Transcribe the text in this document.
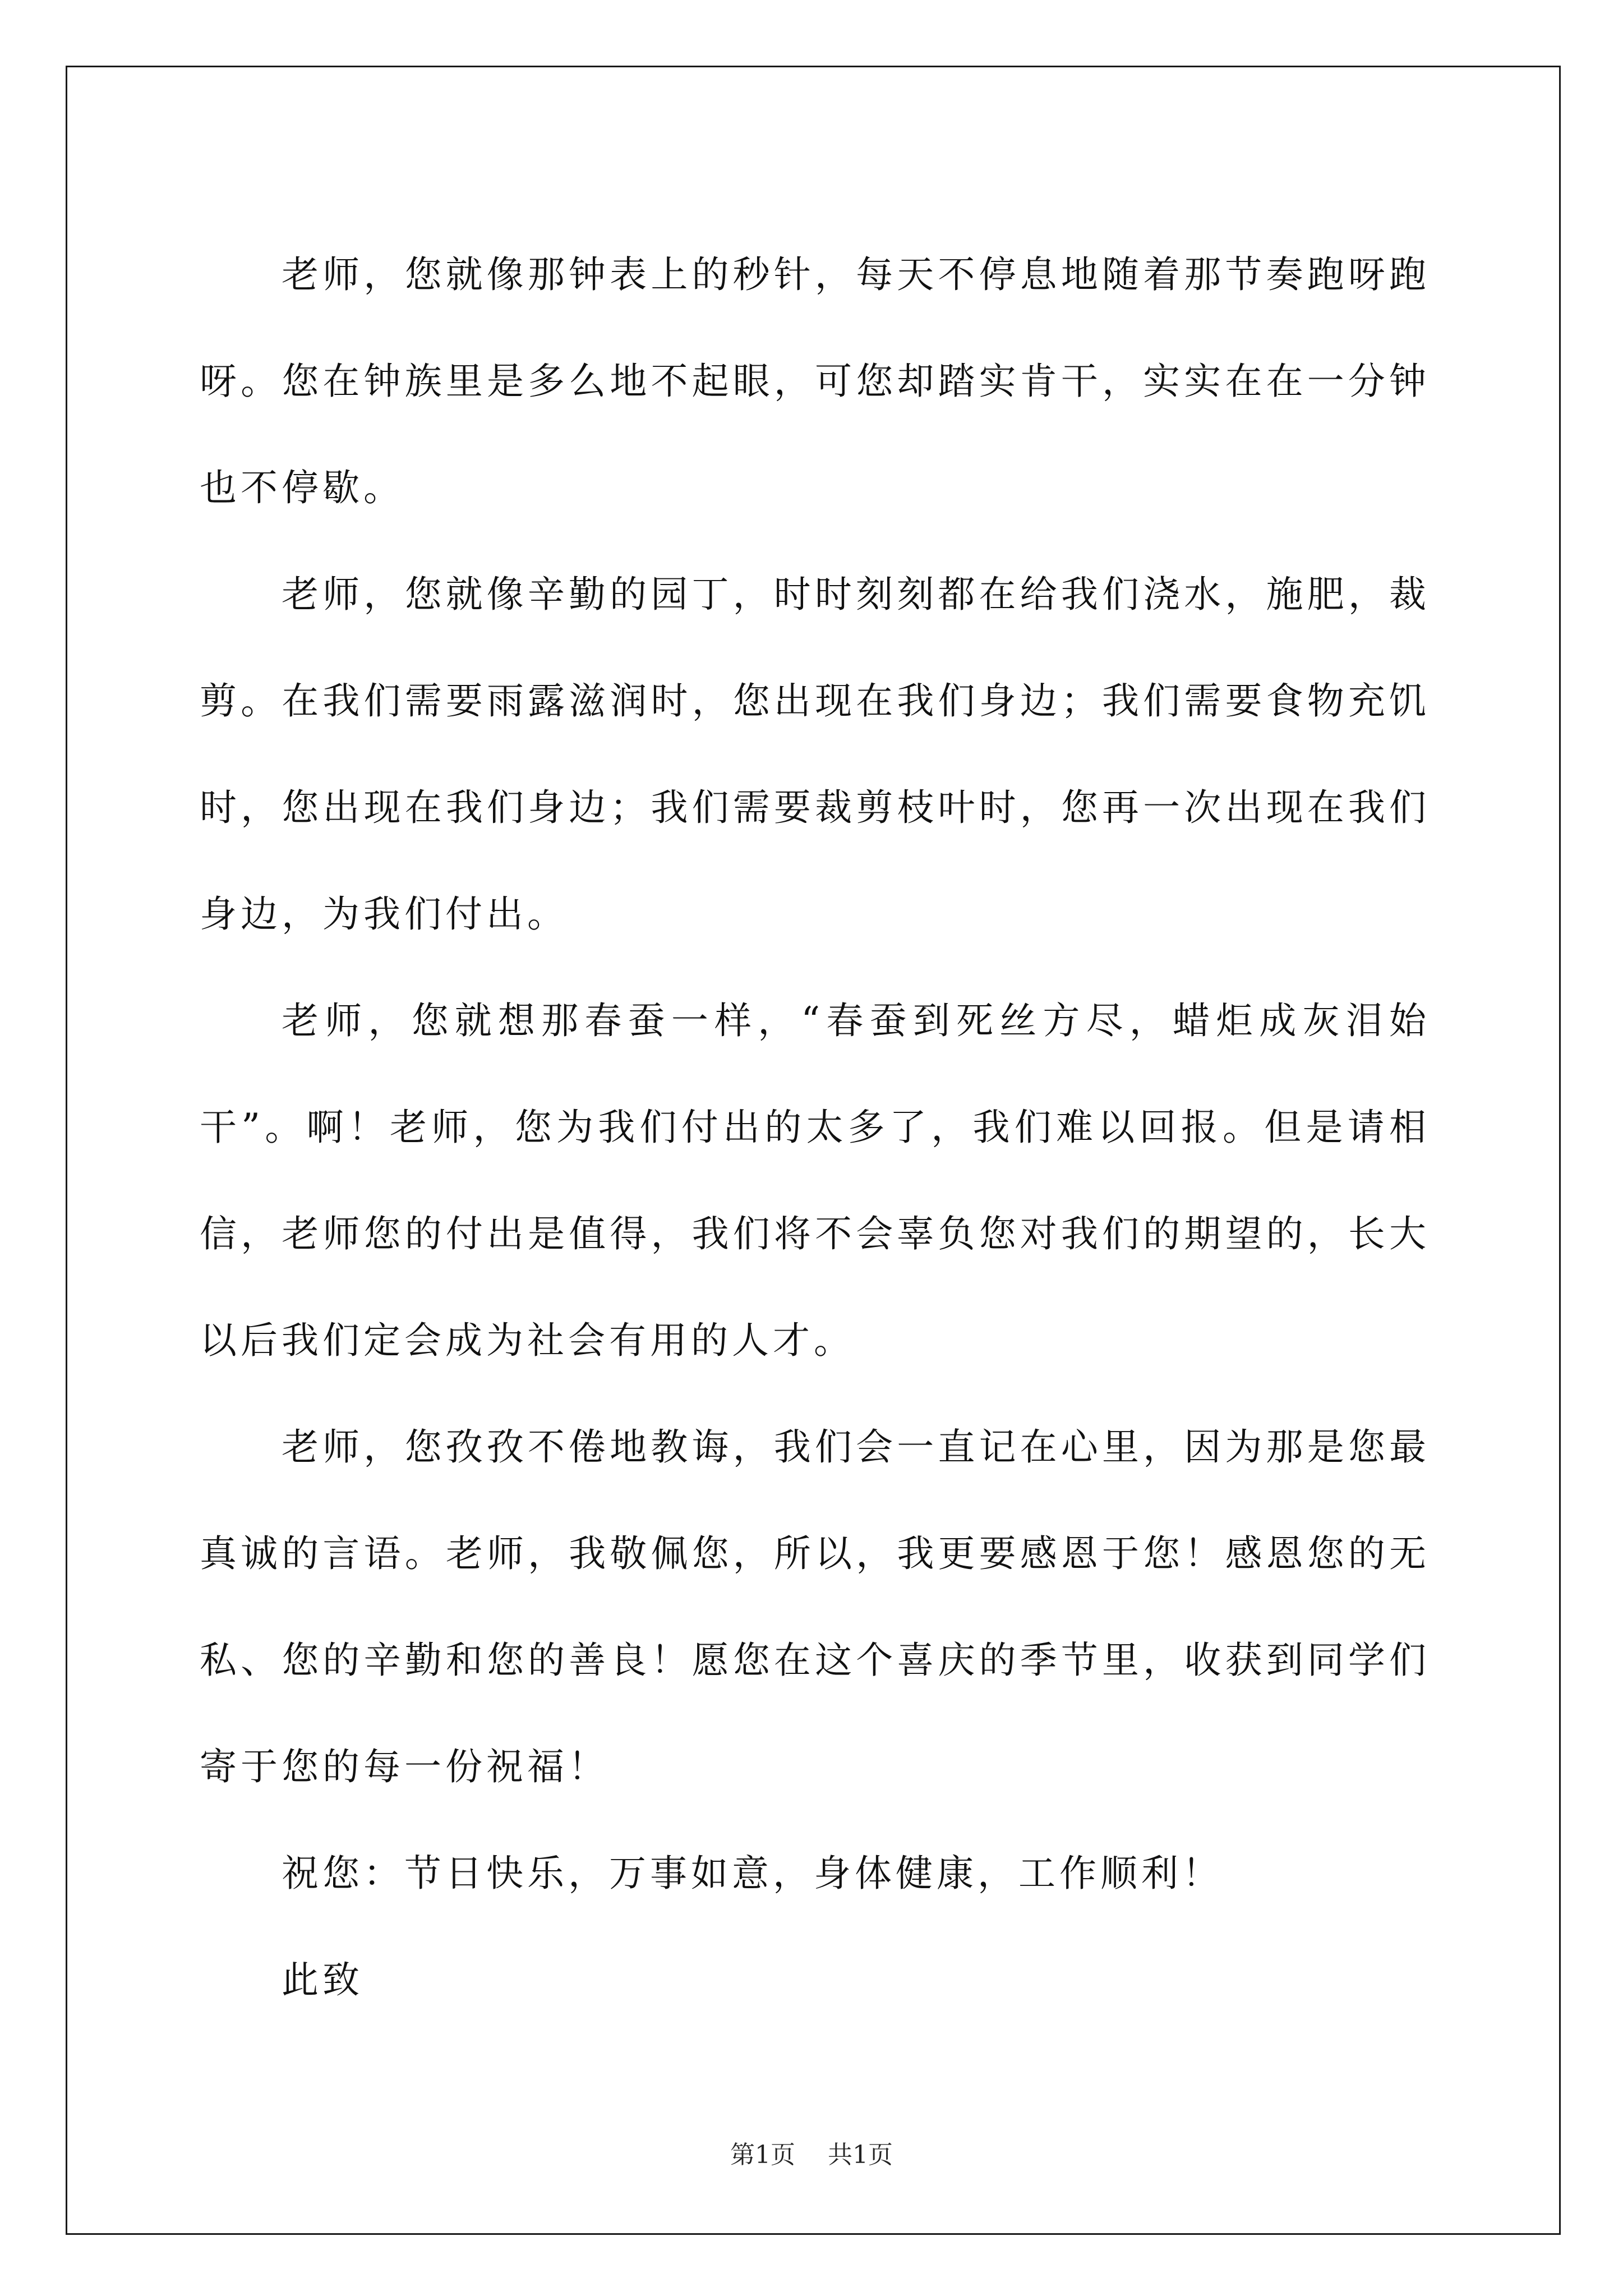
老师，您就像那钟表上的秒针，每天不停息地随着那节奏跑呀跑呀。您在钟族里是多么地不起眼，可您却踏实肯干，实实在在一分钟也不停歇。

老师，您就像辛勤的园丁，时时刻刻都在给我们浇水，施肥，裁剪。在我们需要雨露滋润时，您出现在我们身边；我们需要食物充饥时，您出现在我们身边；我们需要裁剪枝叶时，您再一次出现在我们身边，为我们付出。

老师，您就想那春蚕一样，“春蚕到死丝方尽，蜡炬成灰泪始干”。啊！老师，您为我们付出的太多了，我们难以回报。但是请相信，老师您的付出是值得，我们将不会辜负您对我们的期望的，长大以后我们定会成为社会有用的人才。

老师，您孜孜不倦地教诲，我们会一直记在心里，因为那是您最真诚的言语。老师，我敬佩您，所以，我更要感恩于您！感恩您的无私、您的辛勤和您的善良！愿您在这个喜庆的季节里，收获到同学们寄于您的每一份祝福！

祝您：节日快乐，万事如意，身体健康，工作顺利！

此致

第1页 共1页
